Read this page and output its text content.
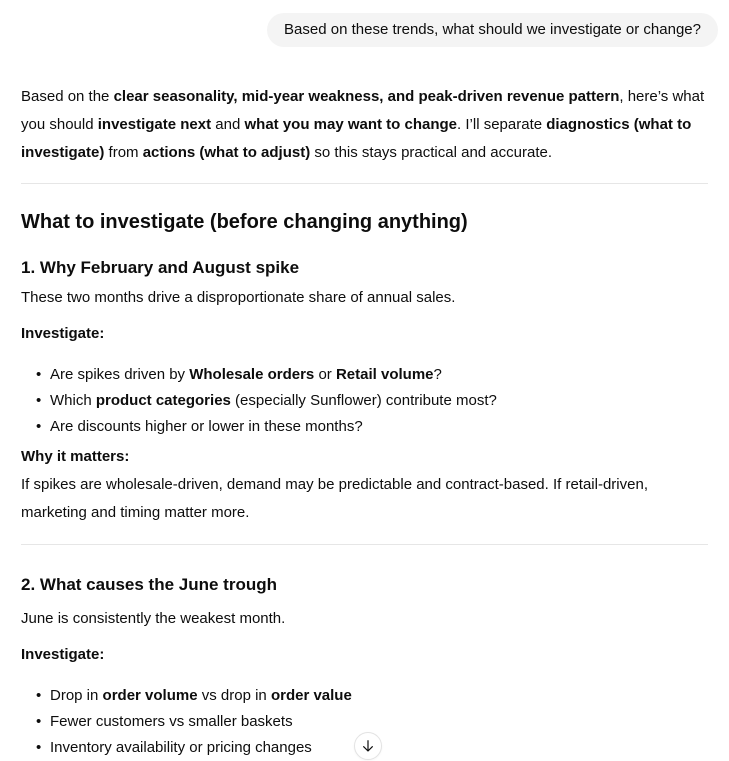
Based on these trends, what should we investigate or change?

Based on the clear seasonality, mid-year weakness, and peak-driven revenue pattern, here’s what you should investigate next and what you may want to change. I’ll separate diagnostics (what to investigate) from actions (what to adjust) so this stays practical and accurate.

What to investigate (before changing anything)
1. Why February and August spike

These two months drive a disproportionate share of annual sales.

Investigate:

• Are spikes driven by Wholesale orders or Retail volume?
• Which product categories (especially Sunflower) contribute most?
• Are discounts higher or lower in these months?

Why it matters:

If spikes are wholesale-driven, demand may be predictable and contract-based. If retail-driven, marketing and timing matter more.

2. What causes the June trough

June is consistently the weakest month.

Investigate:

• Drop in order volume vs drop in order value
• Fewer customers vs smaller baskets
• Inventory availability or pricing changes
